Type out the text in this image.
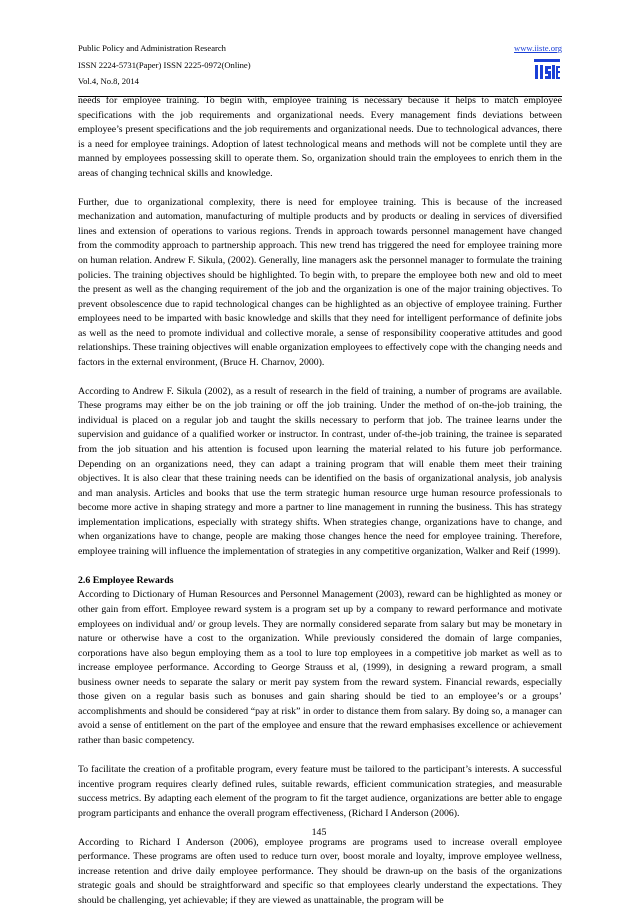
Public Policy and Administration Research
ISSN 2224-5731(Paper) ISSN 2225-0972(Online)
Vol.4, No.8, 2014
www.iiste.org

needs for employee training. To begin with, employee training is necessary because it helps to match employee specifications with the job requirements and organizational needs. Every management finds deviations between employee’s present specifications and the job requirements and organizational needs. Due to technological advances, there is a need for employee trainings. Adoption of latest technological means and methods will not be complete until they are manned by employees possessing skill to operate them. So, organization should train the employees to enrich them in the areas of changing technical skills and knowledge.

Further, due to organizational complexity, there is need for employee training. This is because of the increased mechanization and automation, manufacturing of multiple products and by products or dealing in services of diversified lines and extension of operations to various regions. Trends in approach towards personnel management have changed from the commodity approach to partnership approach. This new trend has triggered the need for employee training more on human relation. Andrew F. Sikula, (2002). Generally, line managers ask the personnel manager to formulate the training policies. The training objectives should be highlighted. To begin with, to prepare the employee both new and old to meet the present as well as the changing requirement of the job and the organization is one of the major training objectives. To prevent obsolescence due to rapid technological changes can be highlighted as an objective of employee training. Further employees need to be imparted with basic knowledge and skills that they need for intelligent performance of definite jobs as well as the need to promote individual and collective morale, a sense of responsibility cooperative attitudes and good relationships. These training objectives will enable organization employees to effectively cope with the changing needs and factors in the external environment, (Bruce H. Charnov, 2000).

According to Andrew F. Sikula (2002), as a result of research in the field of training, a number of programs are available. These programs may either be on the job training or off the job training. Under the method of on-the-job training, the individual is placed on a regular job and taught the skills necessary to perform that job. The trainee learns under the supervision and guidance of a qualified worker or instructor. In contrast, under of-the-job training, the trainee is separated from the job situation and his attention is focused upon learning the material related to his future job performance. Depending on an organizations need, they can adapt a training program that will enable them meet their training objectives. It is also clear that these training needs can be identified on the basis of organizational analysis, job analysis and man analysis. Articles and books that use the term strategic human resource urge human resource professionals to become more active in shaping strategy and more a partner to line management in running the business. This has strategy implementation implications, especially with strategy shifts. When strategies change, organizations have to change, and when organizations have to change, people are making those changes hence the need for employee training. Therefore, employee training will influence the implementation of strategies in any competitive organization, Walker and Reif (1999).

2.6 Employee Rewards

According to Dictionary of Human Resources and Personnel Management (2003), reward can be highlighted as money or other gain from effort. Employee reward system is a program set up by a company to reward performance and motivate employees on individual and/ or group levels. They are normally considered separate from salary but may be monetary in nature or otherwise have a cost to the organization. While previously considered the domain of large companies, corporations have also begun employing them as a tool to lure top employees in a competitive job market as well as to increase employee performance. According to George Strauss et al, (1999), in designing a reward program, a small business owner needs to separate the salary or merit pay system from the reward system. Financial rewards, especially those given on a regular basis such as bonuses and gain sharing should be tied to an employee’s or a groups’ accomplishments and should be considered “pay at risk” in order to distance them from salary. By doing so, a manager can avoid a sense of entitlement on the part of the employee and ensure that the reward emphasises excellence or achievement rather than basic competency.

To facilitate the creation of a profitable program, every feature must be tailored to the participant’s interests. A successful incentive program requires clearly defined rules, suitable rewards, efficient communication strategies, and measurable success metrics. By adapting each element of the program to fit the target audience, organizations are better able to engage program participants and enhance the overall program effectiveness, (Richard I Anderson (2006).

According to Richard I Anderson (2006), employee programs are programs used to increase overall employee performance. These programs are often used to reduce turn over, boost morale and loyalty, improve employee wellness, increase retention and drive daily employee performance. They should be drawn-up on the basis of the organizations strategic goals and should be straightforward and specific so that employees clearly understand the expectations. They should be challenging, yet achievable; if they are viewed as unattainable, the program will be

145
